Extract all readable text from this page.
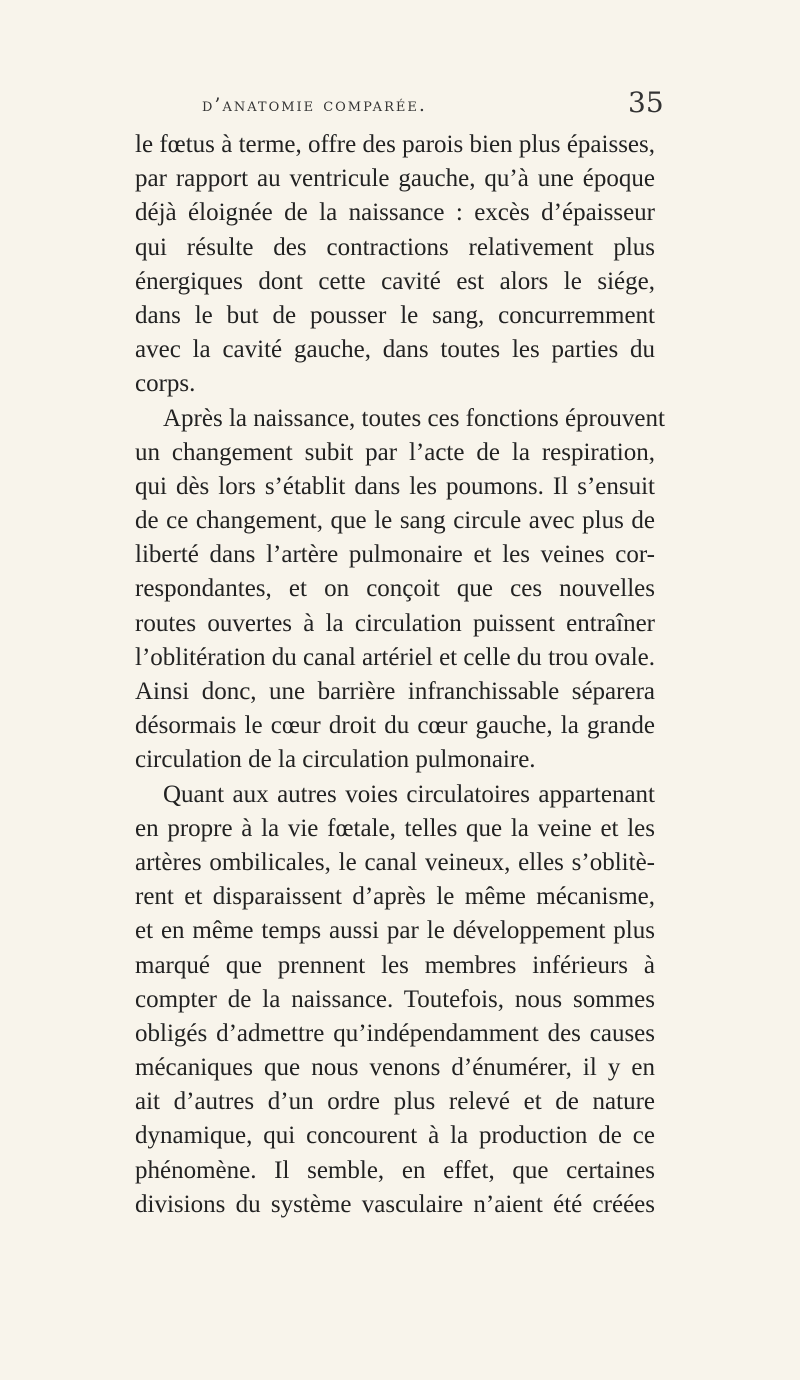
d’anatomie comparée.	35
le fœtus à terme, offre des parois bien plus épaisses,
par rapport au ventricule gauche, qu’à une époque
déjà éloignée de la naissance : excès d’épaisseur
qui résulte des contractions relativement plus
énergiques dont cette cavité est alors le siége,
dans le but de pousser le sang, concurremment
avec la cavité gauche, dans toutes les parties du
corps.
Après la naissance, toutes ces fonctions éprouvent
un changement subit par l’acte de la respiration,
qui dès lors s’établit dans les poumons. Il s’ensuit
de ce changement, que le sang circule avec plus de
liberté dans l’artère pulmonaire et les veines cor-
respondantes, et on conçoit que ces nouvelles
routes ouvertes à la circulation puissent entraîner
l’oblitération du canal artériel et celle du trou ovale.
Ainsi donc, une barrière infranchissable séparera
désormais le cœur droit du cœur gauche, la grande
circulation de la circulation pulmonaire.
Quant aux autres voies circulatoires appartenant
en propre à la vie fœtale, telles que la veine et les
artères ombilicales, le canal veineux, elles s’oblitè-
rent et disparaissent d’après le même mécanisme,
et en même temps aussi par le développement plus
marqué que prennent les membres inférieurs à
compter de la naissance. Toutefois, nous sommes
obligés d’admettre qu’indépendamment des causes
mécaniques que nous venons d’énumérer, il y en
ait d’autres d’un ordre plus relevé et de nature
dynamique, qui concourent à la production de ce
phénomène. Il semble, en effet, que certaines
divisions du système vasculaire n’aient été créées
